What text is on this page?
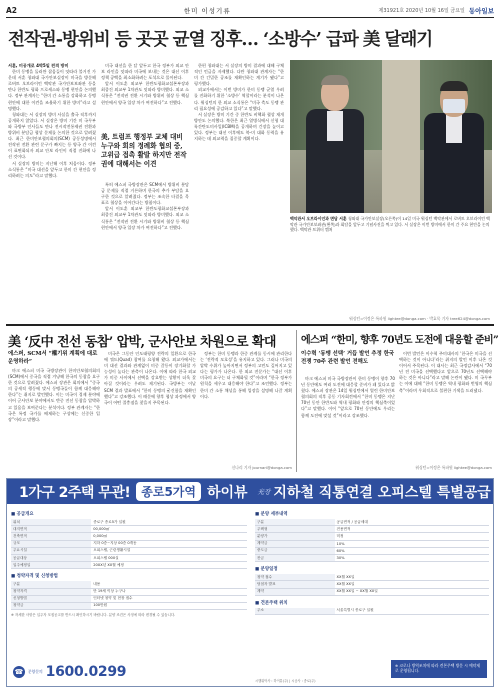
A2	한미 이성기류	제31921호 2020년 10월 16일 금요일 동아일보
전작권-방위비 등 곳곳 균열 징후… ‘소방수’ 급파 美 달래기

서훈, 미공개로 4박5일 전격 방미

한미 동맹을 둘러싼 잡음들이 잇따라 불거진 가운데 서훈 청와대 국가안보실장이 미국을 방문해 로버트 오브라이언 백악관 국가안보보좌관 등을 만나 한반도 평화 프로세스와 동맹 현안을 논의했다. 정부 관계자는 “한미 간 소통을 강화하고 동맹 현안에 대한 이견을 조율하기 위한 방미”라고 설명했다.

청와대는 서 실장의 방미 사실을 출국 직후까지 공개하지 않았다. 서 실장은 방미 기간 미 국무부와 국방부 인사들도 만나 전시작전통제권 전환과 방위비 분담금 협상 문제를 논의한 것으로 알려졌다. 최근 한미안보협의회의(SCM) 공동성명에서 전작권 전환 관련 문구가 빠지는 등 양국 간 이견이 표면화되자 외교 안보 라인이 직접 진화에 나선 것이다.

서 실장의 방미는 지난해 이후 처음이다. 정부 소식통은 “미국 대선을 앞두고 한미 간 현안을 정리하려는 의도”라고 말했다.

미국 대선을 한 달 앞두고 한국 정부가 외교 안보 라인을 잇따라 미국에 보내는 것은 대선 이후 정책 공백을 최소화하려는 포석으로 풀이된다.

앞서 이도훈 외교부 한반도평화교섭본부장과 최종건 외교부 1차관도 잇따라 방미했다. 외교 소식통은 “전작권 전환 시기와 방위비 협상 등 핵심 현안에서 양국 입장 차가 여전하다”고 전했다.

美, 트럼프 행정부 교체 대비 누구와 회의 정례화 협의 중, 고위급 접촉 활발 하지만 전작권에 대해서는 이견

특히 에스퍼 국방장관은 SCM에서 방위비 분담금 문제를 직접 거론하며 한국의 추가 부담을 요구한 것으로 알려졌다. 정부는 조속한 타결을 목표로 협상을 이어간다는 방침이다.

앞서 이도훈 외교부 한반도평화교섭본부장과 최종건 외교부 1차관도 잇따라 방미했다. 외교 소식통은 “전작권 전환 시기와 방위비 협상 등 핵심 현안에서 양국 입장 차가 여전하다”고 전했다.

한편 청와대는 서 실장의 방미 결과에 대해 구체적인 언급을 자제했다. 다만 청와대 관계자는 “한미 간 긴밀한 공조를 재확인하는 계기가 됐다”고 평가했다.

외교가에서는 이번 방미가 한미 동맹 균열 우려를 진화하기 위한 ‘소방수’ 역할이라는 분석이 나온다. 워싱턴의 한 외교 소식통은 “미국 측도 동맹 관리 필요성에 공감하고 있다”고 말했다.

서 실장은 방미 기간 중 한반도 비핵화 협상 재개 방안도 논의했다. 북한은 최근 열병식에서 신형 대륙간탄도미사일(ICBM)을 공개하며 긴장을 높이고 있다. 정부는 대선 이후에도 북-미 대화 동력을 유지하는 데 외교력을 집중할 계획이다.

백악관서 오브라이언과 면담 서훈 청와대 국가안보실장(오른쪽)이 14일 미국 워싱턴 백악관에서 로버트 오브라이언 백악관 국가안보보좌관(왼쪽)과 회담을 앞두고 기념사진을 찍고 있다. 서 실장은 이번 방미에서 한미 간 주요 현안을 논의했다. 백악관 트위터 캡처
워싱턴=이정은 특파원 lightee@donga.com · 박효목 기자 tree624@donga.com
美 ‘反中 전선 동참’ 압박, 군사안보 차원으로 확대
에스퍼, SCM서 “權기위 계획에 대로 운영하라”

마크 에스퍼 미국 국방장관이 한미안보협의회의(SCM)에서 중국을 직접 겨냥해 한국의 동참을 요구한 것으로 알려졌다. 에스퍼 장관은 회의에서 “중국의 공세적 행동에 맞서 동맹국들이 함께 대응해야 한다”는 취지로 발언했다. 이는 미국이 경제 분야에 이어 군사안보 분야에서도 반중 전선 동참을 압박하고 있음을 보여준다는 분석이다. 정부 관계자는 “한국은 특정 국가를 배제하는 구상에는 신중한 입장”이라고 말했다.

미국은 그동안 인도태평양 전략의 일환으로 한국에 쿼드(Quad) 참여를 요청해 왔다. 외교가에서는 미 대선 결과와 관계없이 미중 갈등이 장기화할 가능성이 높다는 관측이 나온다. 이에 따라 한국 외교가 미중 사이에서 선택을 강요받는 상황이 더욱 잦아질 것이라는 우려도 제기된다. 국방부는 이날 SCM 결과 발표에서 “한미 동맹의 굳건함을 재확인했다”고 강조했다. 이 때문에 향후 협상 과정에서 양국이 어떤 절충점을 찾을지 주목된다.

정부는 한미 동맹과 한중 관계를 동시에 관리한다는 ‘전략적 모호성’을 유지하고 있다. 그러나 미국의 압박 수위가 높아지면서 정부의 고민도 깊어지고 있다는 평가가 나온다. 한 외교 전문가는 “대선 이후 미국의 요구는 더 구체화될 것”이라며 “한국 정부가 원칙을 세우고 대응해야 한다”고 조언했다. 정부는 한미 간 소통 채널을 통해 입장을 설명해 나갈 계획이다.

신나리 기자 journari@donga.com
에스퍼 “한미, 향후 70년도 도전에 대응할 준비”
이수혁 ‘동맹 선택’ 거듭 발언 추정 한국전쟁 70주 관련 발언 전해도

마크 에스퍼 미국 국방장관이 한미 동맹이 향후 70년 동안에도 여러 도전에 대응할 준비가 돼 있다고 밝혔다. 에스퍼 장관은 14일 워싱턴에서 열린 한미안보협의회의 직후 공동 기자회견에서 “한미 동맹은 지난 70년 동안 한반도와 역내 평화와 안정의 핵심축이었다”고 말했다. 이어 “앞으로 70년 동안에도 우리는 함께 도전에 맞설 것”이라고 강조했다.

이번 발언은 이수혁 주미대사의 ‘한국은 미국을 선택하는 것이 아니다’라는 취지의 발언 이후 나온 것이어서 주목된다. 이 대사는 최근 국정감사에서 “70년 전 미국을 선택했다고 앞으로 70년도 선택해야 하는 것은 아니다”라고 말해 논란이 됐다. 미 국무부는 이에 대해 “한미 동맹은 역내 평화와 번영의 핵심축”이라며 우회적으로 불편한 기색을 드러냈다.

워싱턴=이정은 특파원 lightee@donga.com
1가구 2주택 무관! 종로5가역 하이뷰 光장 지하철 직통연결 오피스텔 특별공급
■ 공급개요
위치	종로구 종로5가 일원
대지면적	00,000㎡
건축면적	0,000㎡
규모	지하 0층~지상 00층 0개동
주요시설	오피스텔, 근린생활시설
공급대상	오피스텔 000실
입주예정일	20XX년 XX월 예정
■ 청약자격 및 신청방법
구분	내용
청약자격	만 19세 이상 누구나
신청방법	인터넷 청약 및 현장 접수
청약금	100만원
※ 자세한 사항은 입주자 모집공고를 반드시 확인하시기 바랍니다. 분양 조건은 사정에 따라 변경될 수 있습니다.
■ 분양 세부내역
구분	공급면적 / 공급세대
주택형	전용면적
분양가	미정
계약금	10%
중도금	60%
잔금	30%
■ 분양일정
청약 접수	XX월 XX일
당첨자 발표	XX월 XX일
계약	XX월 XX일 ~ XX월 XX일
■ 견본주택 위치
주소	서울특별시 종로구 일원
☎	분양문의 1600.0299	※ 코로나 방역조치에 따라 견본주택 방문 시 예약제로 운영됩니다.
시행위탁사 : 하이뷰(주) | 시공사 : 종로(주)
